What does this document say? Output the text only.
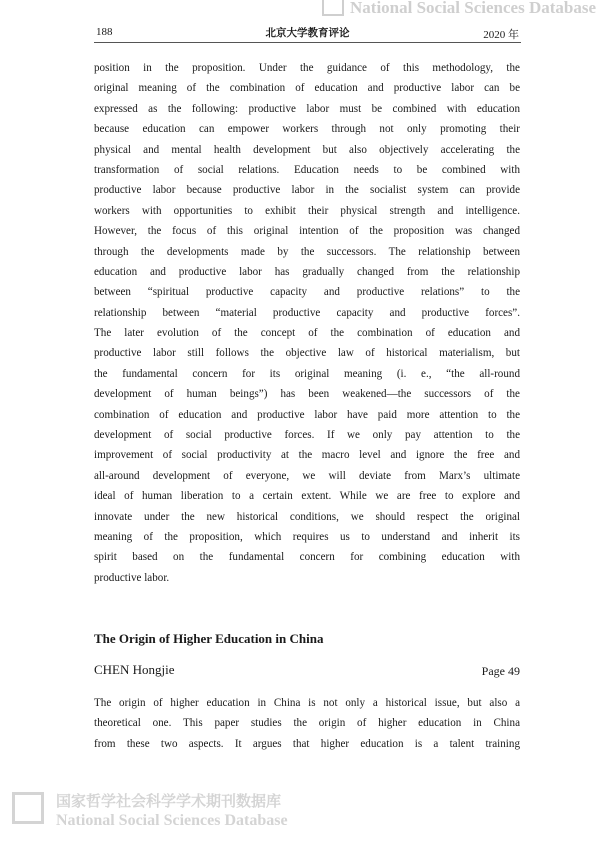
National Social Sciences Database
188	北京大学教育评论	2020 年
position in the proposition. Under the guidance of this methodology, the
original meaning of the combination of education and productive labor can be
expressed as the following: productive labor must be combined with education
because education can empower workers through not only promoting their
physical and mental health development but also objectively accelerating the
transformation of social relations. Education needs to be combined with
productive labor because productive labor in the socialist system can provide
workers with opportunities to exhibit their physical strength and intelligence.
However, the focus of this original intention of the proposition was changed
through the developments made by the successors. The relationship between
education and productive labor has gradually changed from the relationship
between “spiritual productive capacity and productive relations” to the
relationship between “material productive capacity and productive forces”.
The later evolution of the concept of the combination of education and
productive labor still follows the objective law of historical materialism, but
the fundamental concern for its original meaning (i. e., “the all-round
development of human beings”) has been weakened—the successors of the
combination of education and productive labor have paid more attention to the
development of social productive forces. If we only pay attention to the
improvement of social productivity at the macro level and ignore the free and
all-around development of everyone, we will deviate from Marx’s ultimate
ideal of human liberation to a certain extent. While we are free to explore and
innovate under the new historical conditions, we should respect the original
meaning of the proposition, which requires us to understand and inherit its
spirit based on the fundamental concern for combining education with
productive labor.
The Origin of Higher Education in China
CHEN Hongjie	Page 49
The origin of higher education in China is not only a historical issue, but also a
theoretical one. This paper studies the origin of higher education in China
from these two aspects. It argues that higher education is a talent training
国家哲学社会科学学术期刊数据库
National Social Sciences Database
